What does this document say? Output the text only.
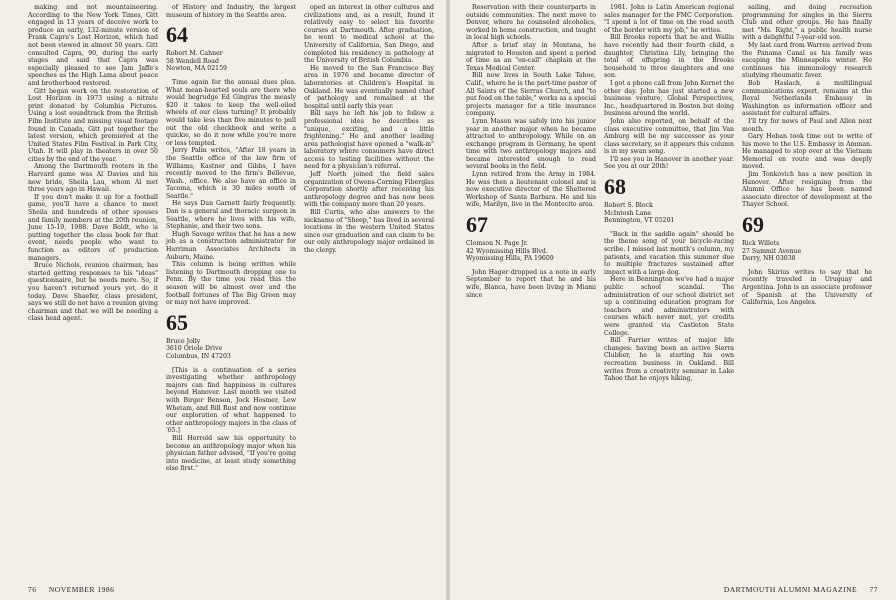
making and not mountaineering. According to the New York Times, Gitt engaged in 13 years of deceive work to produce an early, 132-minute version of Frank Capra's Lost Horizon, which had not been viewed in almost 50 years. Gitt consulted Capra, 90, during the early stages and said that Capra was especially pleased to see Jam Jaffe's speeches as the High Lama about peace and brotherhood restored.

Gitt began work on the restoration of Lost Horizon in 1973 using a nitrate print donated by Columbia Pictures. Using a lost soundtrack from the British Film Institute and missing visual footage found in Canada, Gitt put together the latest version, which premiered at the United States Film Festival in Park City, Utah. It will play in theaters in over 50 cities by the end of the year.

Among the Dartmouth rooters in the Harvard game was Al Davies and his new bride, Sheila Lau, whom Al met three years ago in Hawaii.

If you don't make it up for a football game, you'll have a chance to meet Sheila and hundreds of other spouses and family members at the 20th reunion, June 15-19, 1988. Dave Boldt, who is putting together the class book for that event, needs people who want to function as editors of production managers.

Bruce Nichols, reunion chairman, has started getting responses to his "ideas" questionnaire, but he needs more. So, if you haven't returned yours yet, do it today. Dave Shaefer, class president, says we still do not have a reunion giving chairman and that we will be needing a class head agent.

of History and Industry, the largest museum of history in the Seattle area.

64
Robert M. Cahner
58 Wendell Road
Newton, MA 02159

Time again for the annual dues plea. What mean-hearted souls are there who would begrudge Ed Gingras the measly $20 it takes to keep the well-oiled wheels of our class turning? It probably would take less than five minutes to pull out the old checkbook and write a quickie, so do it now while you're more or less tempted.

Jerry Palm writes, "After 18 years in the Seattle office of the law firm of Williams, Kastner and Gibbs, I have recently moved to the firm's Bellevue, Wash., office. We also have an office in Tacoma, which is 30 miles south of Seattle."

He says Dan Garnett fairly frequently. Dan is a general and thoracic surgeon in Seattle, where he lives with his wife, Stephanie, and their two sons.

Hugh Savage writes that he has a new job as a construction administrator for Harriman Associates Architects in Auburn, Maine.

This column is being written while listening to Dartmouth dropping one to Penn. By the time you read this the season will be almost over and the football fortunes of The Big Green may or may not have improved.

65
Bruce Jolly
3610 Oriole Drive
Columbus, IN 47203

[This is a continuation of a series investigating whether anthropology majors can find happiness in cultures beyond Hanover. Last month we visited with Birger Benson, Jock Hosmer, Lew Whetam, and Bill Rust and now continue our exploration of what happened to other anthropology majors in the class of '65.]

Bill Herrold saw his opportunity to become an anthropology major when his physician father advised, "If you're going into medicine, at least study something else first."

oped an interest in other cultures and civilizations and, as a result, found it relatively easy to select his favorite courses at Dartmouth. After graduation, he went to medical school at the University of California, San Diego, and completed his residency in pathology at the University of British Columbia.

He moved to the San Francisco Bay area in 1976 and became director of laboratories at Children's Hospital in Oakland. He was eventually named chief of pathology and remained at the hospital until early this year.

Bill says he left his job to follow a professional idea he describes as "unique, exciting, and a little frightening." He and another leading area pathologist have opened a "walk-in" laboratory where consumers have direct access to testing facilities without the need for a physician's referral.

Jeff North joined the field sales organization of Owens-Corning Fiberglas Corporation shortly after receiving his anthropology degree and has now been with the company more than 20 years.

Bill Curtis, who also answers to the nickname of "Sheep," has lived in several locations in the western United States since our graduation and can claim to be our only anthropology major ordained in the clergy.

76 NOVEMBER 1986

Reservation with their counterparts in outside communities. The next move to Denver, where he counseled alcoholics, worked in home construction, and taught in local high schools.

After a brief stay in Montana, he migrated to Houston and spent a period of time as an "on-call" chaplain at the Texas Medical Center.

Bill now lives in South Lake Tahoe, Calif., where he is the part-time pastor of All Saints of the Sierras Church, and "to put food on the table," works as a special projects manager for a title insurance company.

Lynn Mason was safely into his junior year in another major when he became attracted to anthropology. While on an exchange program in Germany, he spent time with two anthropology majors and became interested enough to read several books in the field.

Lynn retired from the Army in 1984. He was then a lieutenant colonel and is now executive director of the Sheltered Workshop of Santa Barbara. He and his wife, Marilyn, live in the Montecito area.

67
Clemson N. Page Jr.
42 Wyomissing Hills Blvd.
Wyomissing Hills, PA 19609

John Hager dropped us a note in early September to report that he and his wife, Blanca, have been living in Miami since

1981. John is Latin American regional sales manager for the FMC Corporation. "I spend a lot of time on the road south of the border with my job," he writes.

Bill Brooks reports that he and Wallis have recently had their fourth child, a daughter, Christina Lily, bringing the total of offspring in the Brooks household to three daughters and one son.

I got a phone call from John Kornet the other day. John has just started a new business venture, Global Perspectives, Inc., headquartered in Boston but doing business around the world.

John also reported, on behalf of the class executive committee, that Jim Van Amburg will be my successor as your class secretary, so it appears this column is in my swan song.

I'll see you in Hanover in another year. See you at our 20th!

68
Robert S. Block
McIntosh Lane
Bennington, VT 05201

"Back in the saddle again" should be the theme song of your bicycle-racing scribe. I missed last month's column, my patients, and vacation this summer due to multiple fractures sustained after impact with a large dog.

Here in Bennington we've had a major public school scandal. The administration of our school district set up a continuing education program for teachers and administrators with courses which never met, yet credits were granted via Castleton State College.

Bill Farrier writes of major life changes: having been an active Sierra Clubber, he is starting his own recreation business in Oakland. Bill writes from a creativity seminar in Lake Tahoe that he enjoys hiking,

sailing, and doing recreation programming for singles in the Sierra Club and other groups. He has finally met "Ms. Right," a public health nurse with a delightful 7-year-old son.

My last card from Warren arrived from the Panama Canal as his family was escaping the Minneapolis winter. He continues his immunology research studying rheumatic fever.

Bob Haslach, a multilingual communications expert, remains at the Royal Netherlands Embassy in Washington as information officer and assistant for cultural affairs.

I'll try for news of Paul and Allen next month.

Gary Hoban took time out to write of his move to the U.S. Embassy in Amman. He managed to stop over at the Vietnam Memorial en route and was deeply moved.

Jim Tonkovich has a new position in Hanover. After resigning from the Alumni Office he has been named associate director of development at the Thayer School.

69
Rick Willets
27 Summit Avenue
Derry, NH 03038

John Skirius writes to say that he recently traveled in Uruguay and Argentina. John is an associate professor of Spanish at the University of California, Los Angeles.

DARTMOUTH ALUMNI MAGAZINE 77
